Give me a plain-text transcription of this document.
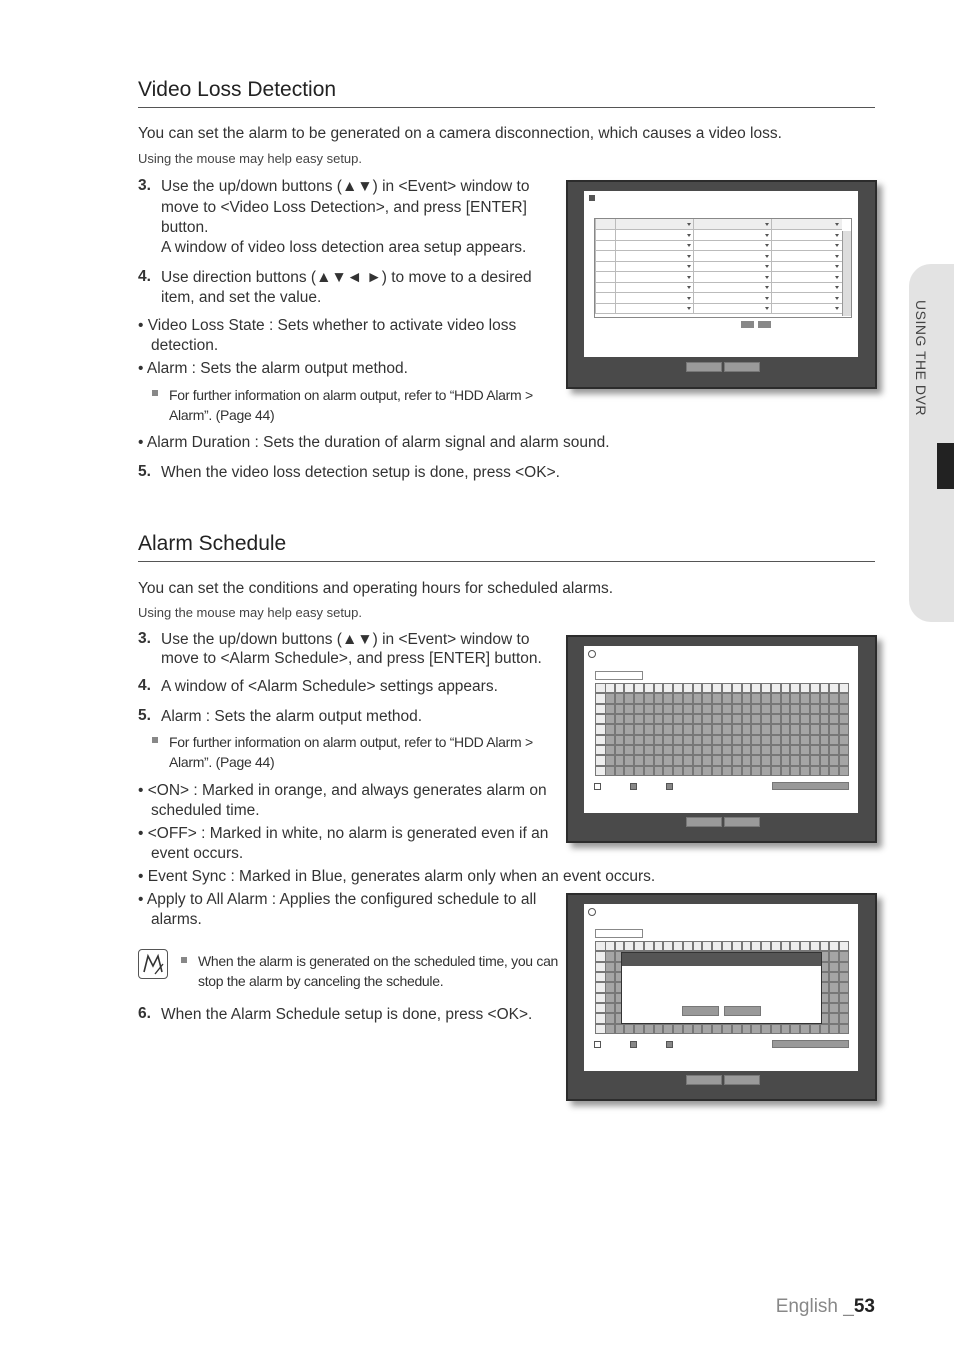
USING THE DVR
Video Loss Detection
You can set the alarm to be generated on a camera disconnection, which causes a video loss.
Using the mouse may help easy setup.
3. Use the up/down buttons (▲▼) in <Event> window to
move to <Video Loss Detection>, and press [ENTER]
button.
A window of video loss detection area setup appears.
4. Use direction buttons (▲▼◄ ►) to move to a desired
item, and set the value.
• Video Loss State : Sets whether to activate video loss
detection.
• Alarm : Sets the alarm output method.
For further information on alarm output, refer to “HDD Alarm >
Alarm”. (Page 44)
• Alarm Duration : Sets the duration of alarm signal and alarm sound.
5. When the video loss detection setup is done, press <OK>.
Alarm Schedule
You can set the conditions and operating hours for scheduled alarms.
Using the mouse may help easy setup.
3. Use the up/down buttons (▲▼) in <Event> window to
move to <Alarm Schedule>, and press [ENTER] button.
4. A window of <Alarm Schedule> settings appears.
5. Alarm : Sets the alarm output method.
For further information on alarm output, refer to “HDD Alarm >
Alarm”. (Page 44)
• <ON> : Marked in orange, and always generates alarm on
scheduled time.
• <OFF> : Marked in white, no alarm is generated even if an
event occurs.
• Event Sync : Marked in Blue, generates alarm only when an event occurs.
• Apply to All Alarm : Applies the configured schedule to all
alarms.
When the alarm is generated on the scheduled time, you can
stop the alarm by canceling the schedule.
6. When the Alarm Schedule setup is done, press <OK>.
English _53
